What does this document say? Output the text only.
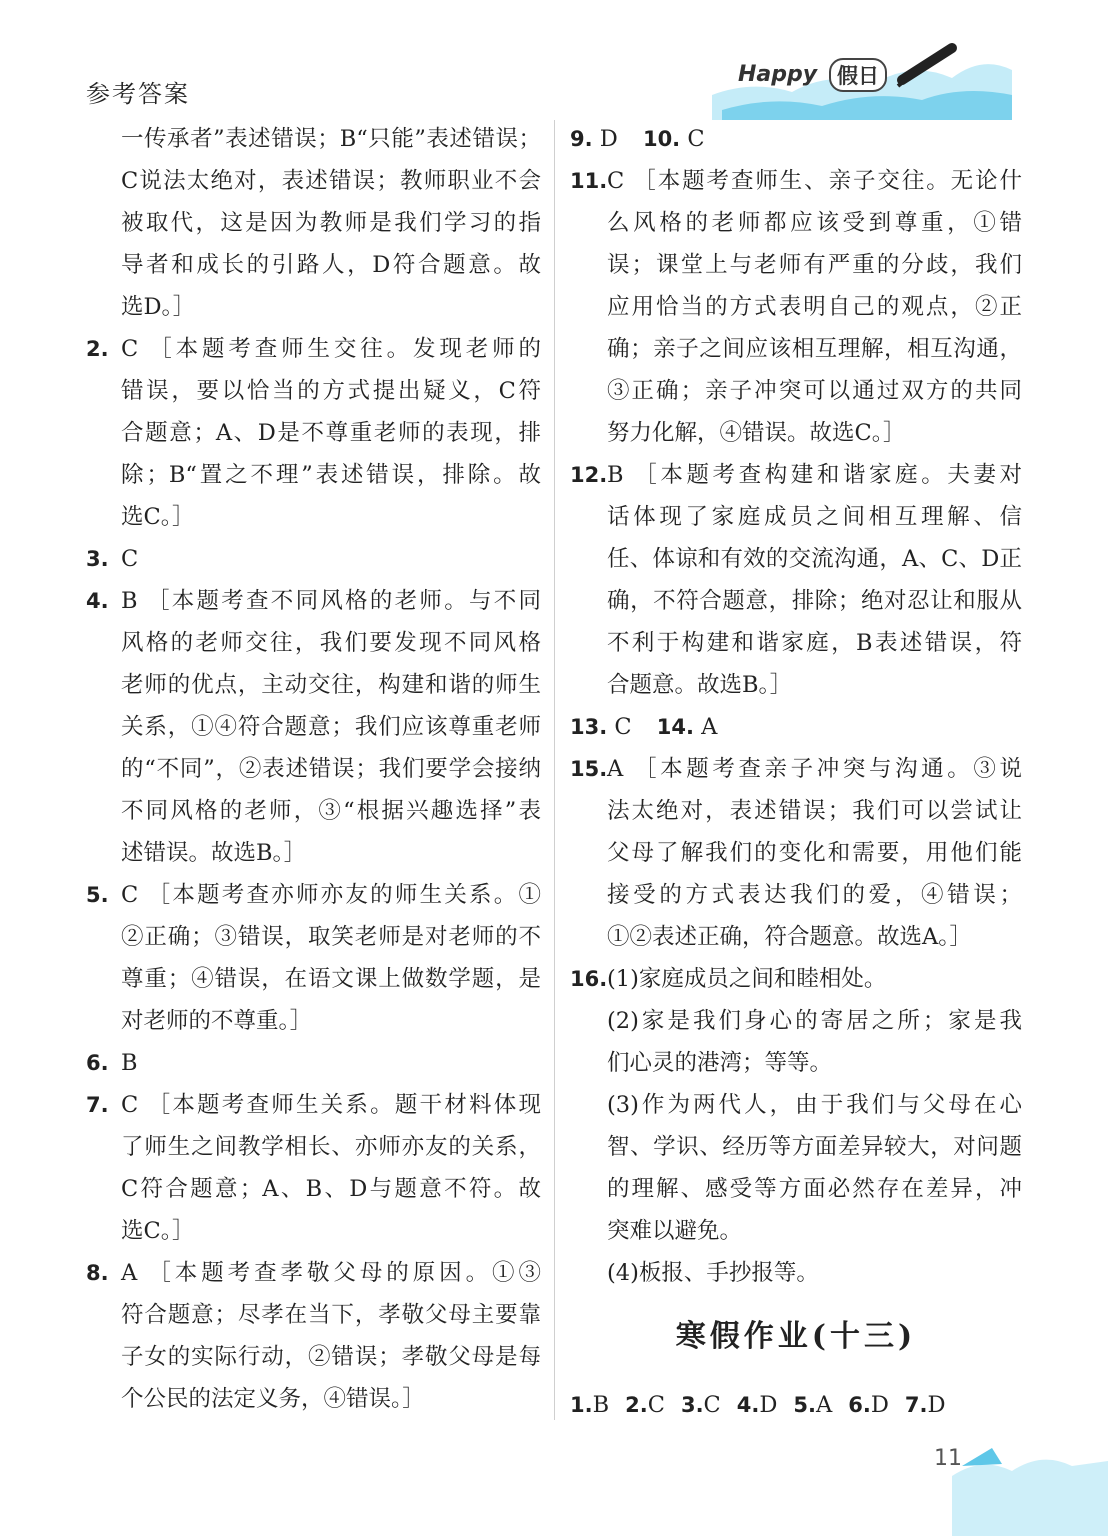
参考答案
Happy 假日
一传承者”表述错误；B“只能”表述错误；
C说法太绝对，表述错误；教师职业不会
被取代，这是因为教师是我们学习的指
导者和成长的引路人，D符合题意。故
选D。］
2. C ［本题考查师生交往。发现老师的
错误，要以恰当的方式提出疑义，C符
合题意；A、D是不尊重老师的表现，排
除；B“置之不理”表述错误，排除。故
选C。］
3. C
4. B ［本题考查不同风格的老师。与不同
风格的老师交往，我们要发现不同风格
老师的优点，主动交往，构建和谐的师生
关系，①④符合题意；我们应该尊重老师
的“不同”，②表述错误；我们要学会接纳
不同风格的老师，③“根据兴趣选择”表
述错误。故选B。］
5. C ［本题考查亦师亦友的师生关系。①
②正确；③错误，取笑老师是对老师的不
尊重；④错误，在语文课上做数学题，是
对老师的不尊重。］
6. B
7. C ［本题考查师生关系。题干材料体现
了师生之间教学相长、亦师亦友的关系，
C符合题意；A、B、D与题意不符。故
选C。］
8. A ［本题考查孝敬父母的原因。①③
符合题意；尽孝在当下，孝敬父母主要靠
子女的实际行动，②错误；孝敬父母是每
个公民的法定义务，④错误。］
9. D 10. C
11. C ［本题考查师生、亲子交往。无论什
么风格的老师都应该受到尊重，①错
误；课堂上与老师有严重的分歧，我们
应用恰当的方式表明自己的观点，②正
确；亲子之间应该相互理解，相互沟通，
③正确；亲子冲突可以通过双方的共同
努力化解，④错误。故选C。］
12. B ［本题考查构建和谐家庭。夫妻对
话体现了家庭成员之间相互理解、信
任、体谅和有效的交流沟通，A、C、D正
确，不符合题意，排除；绝对忍让和服从
不利于构建和谐家庭，B表述错误，符
合题意。故选B。］
13. C 14. A
15. A ［本题考查亲子冲突与沟通。③说
法太绝对，表述错误；我们可以尝试让
父母了解我们的变化和需要，用他们能
接受的方式表达我们的爱，④错误；
①②表述正确，符合题意。故选A。］
16. (1)家庭成员之间和睦相处。
(2)家是我们身心的寄居之所；家是我
们心灵的港湾；等等。
(3)作为两代人，由于我们与父母在心
智、学识、经历等方面差异较大，对问题
的理解、感受等方面必然存在差异，冲
突难以避免。
(4)板报、手抄报等。
寒假作业(十三)
1.B 2.C 3.C 4.D 5.A 6.D 7.D
11
